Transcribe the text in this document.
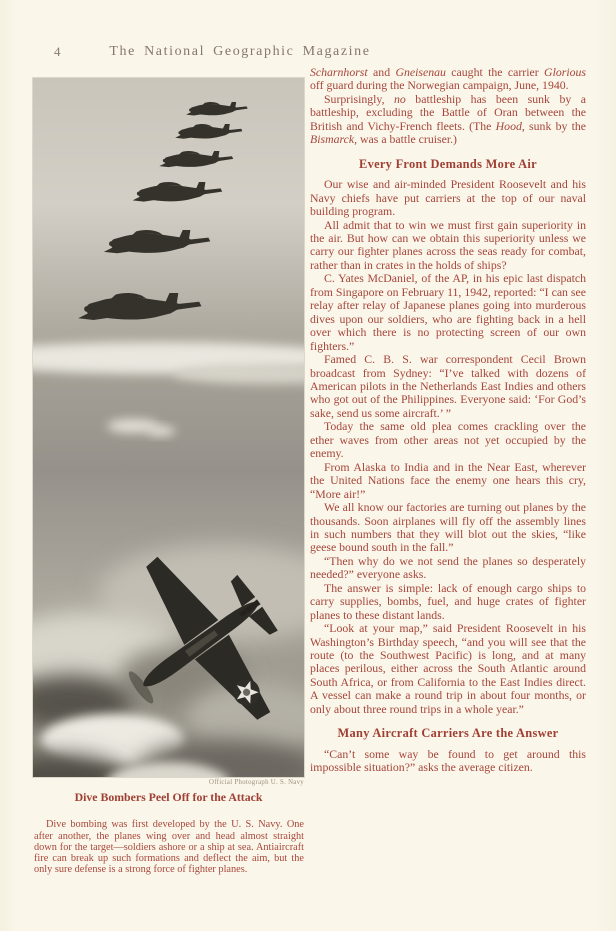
4	The National Geographic Magazine
Official Photograph U. S. Navy
Dive Bombers Peel Off for the Attack

Dive bombing was first developed by the U. S. Navy. One after another, the planes wing over and head almost straight down for the target—soldiers ashore or a ship at sea. Antiaircraft fire can break up such formations and deflect the aim, but the only sure defense is a strong force of fighter planes.

Scharnhorst and Gneisenau caught the carrier Glorious off guard during the Norwegian campaign, June, 1940.

Surprisingly, no battleship has been sunk by a battleship, excluding the Battle of Oran between the British and Vichy-French fleets. (The Hood, sunk by the Bismarck, was a battle cruiser.)

Every Front Demands More Air

Our wise and air-minded President Roosevelt and his Navy chiefs have put carriers at the top of our naval building program.

All admit that to win we must first gain superiority in the air. But how can we obtain this superiority unless we carry our fighter planes across the seas ready for combat, rather than in crates in the holds of ships?

C. Yates McDaniel, of the AP, in his epic last dispatch from Singapore on February 11, 1942, reported: “I can see relay after relay of Japanese planes going into murderous dives upon our soldiers, who are fighting back in a hell over which there is no protecting screen of our own fighters.”

Famed C. B. S. war correspondent Cecil Brown broadcast from Sydney: “I’ve talked with dozens of American pilots in the Netherlands East Indies and others who got out of the Philippines. Everyone said: ‘For God’s sake, send us some aircraft.’ ”

Today the same old plea comes crackling over the ether waves from other areas not yet occupied by the enemy.

From Alaska to India and in the Near East, wherever the United Nations face the enemy one hears this cry, “More air!”

We all know our factories are turning out planes by the thousands. Soon airplanes will fly off the assembly lines in such numbers that they will blot out the skies, “like geese bound south in the fall.”

“Then why do we not send the planes so desperately needed?” everyone asks.

The answer is simple: lack of enough cargo ships to carry supplies, bombs, fuel, and huge crates of fighter planes to these distant lands.

“Look at your map,” said President Roosevelt in his Washington’s Birthday speech, “and you will see that the route (to the Southwest Pacific) is long, and at many places perilous, either across the South Atlantic around South Africa, or from California to the East Indies direct. A vessel can make a round trip in about four months, or only about three round trips in a whole year.”

Many Aircraft Carriers Are the Answer

“Can’t some way be found to get around this impossible situation?” asks the average citizen.
